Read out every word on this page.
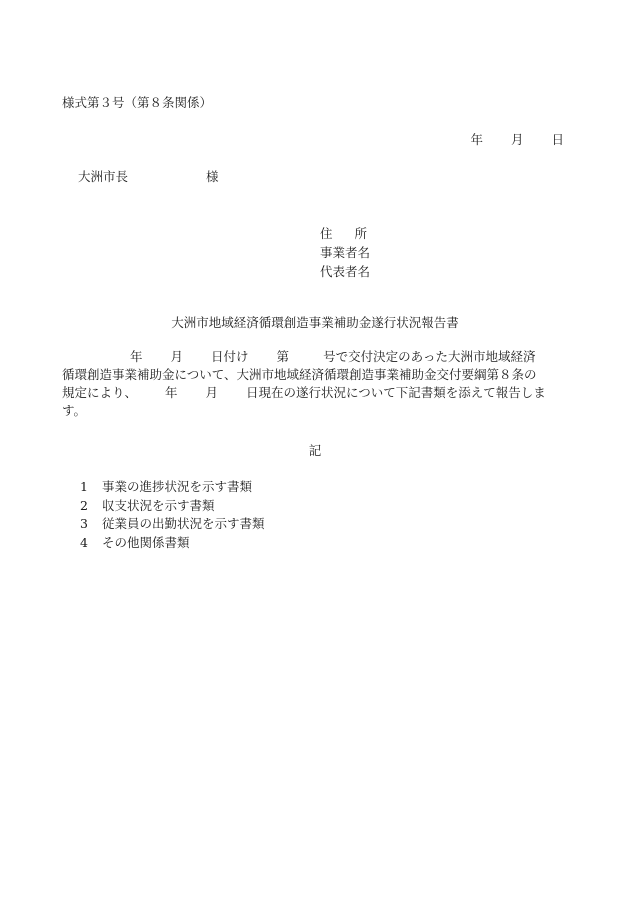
様式第３号（第８条関係）
年 月 日
大洲市長	様
住 所
事業者名
代表者名
大洲市地域経済循環創造事業補助金遂行状況報告書
年 月 日付け 第	号で交付決定のあった大洲市地域経済
循環創造事業補助金について、大洲市地域経済循環創造事業補助金交付要綱第８条の
規定により、 年 月 日現在の遂行状況について下記書類を添えて報告しま
す。
記
1 事業の進捗状況を示す書類
2 収支状況を示す書類
3 従業員の出勤状況を示す書類
4 その他関係書類
